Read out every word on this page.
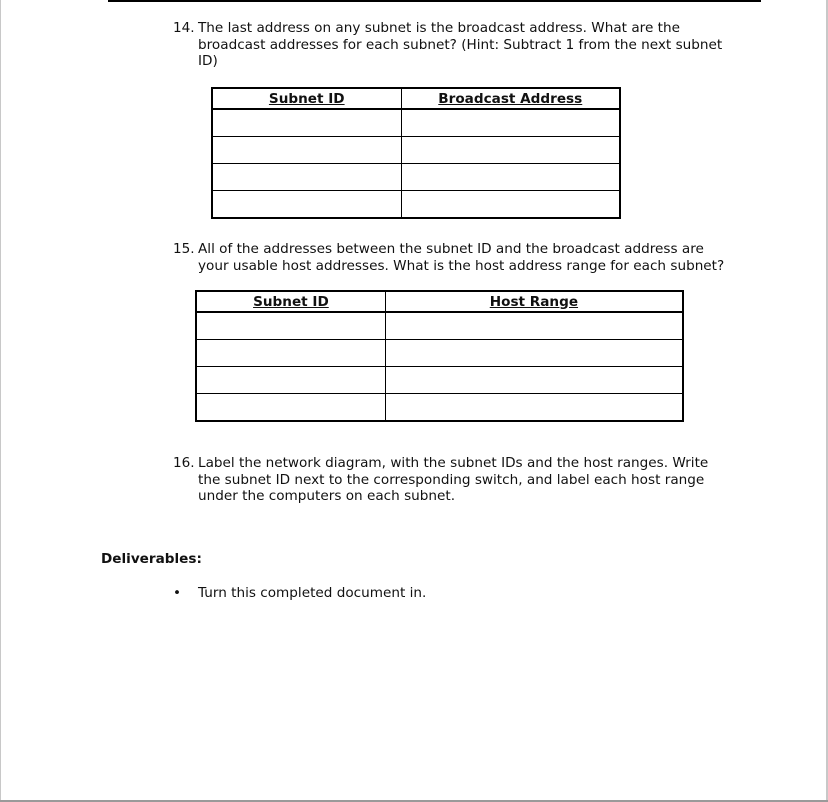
14. The last address on any subnet is the broadcast address. What are the
broadcast addresses for each subnet? (Hint: Subtract 1 from the next subnet
ID)
Subnet ID	Broadcast Address

15. All of the addresses between the subnet ID and the broadcast address are
your usable host addresses. What is the host address range for each subnet?
Subnet ID	Host Range

16. Label the network diagram, with the subnet IDs and the host ranges. Write
the subnet ID next to the corresponding switch, and label each host range
under the computers on each subnet.
Deliverables:
• Turn this completed document in.
